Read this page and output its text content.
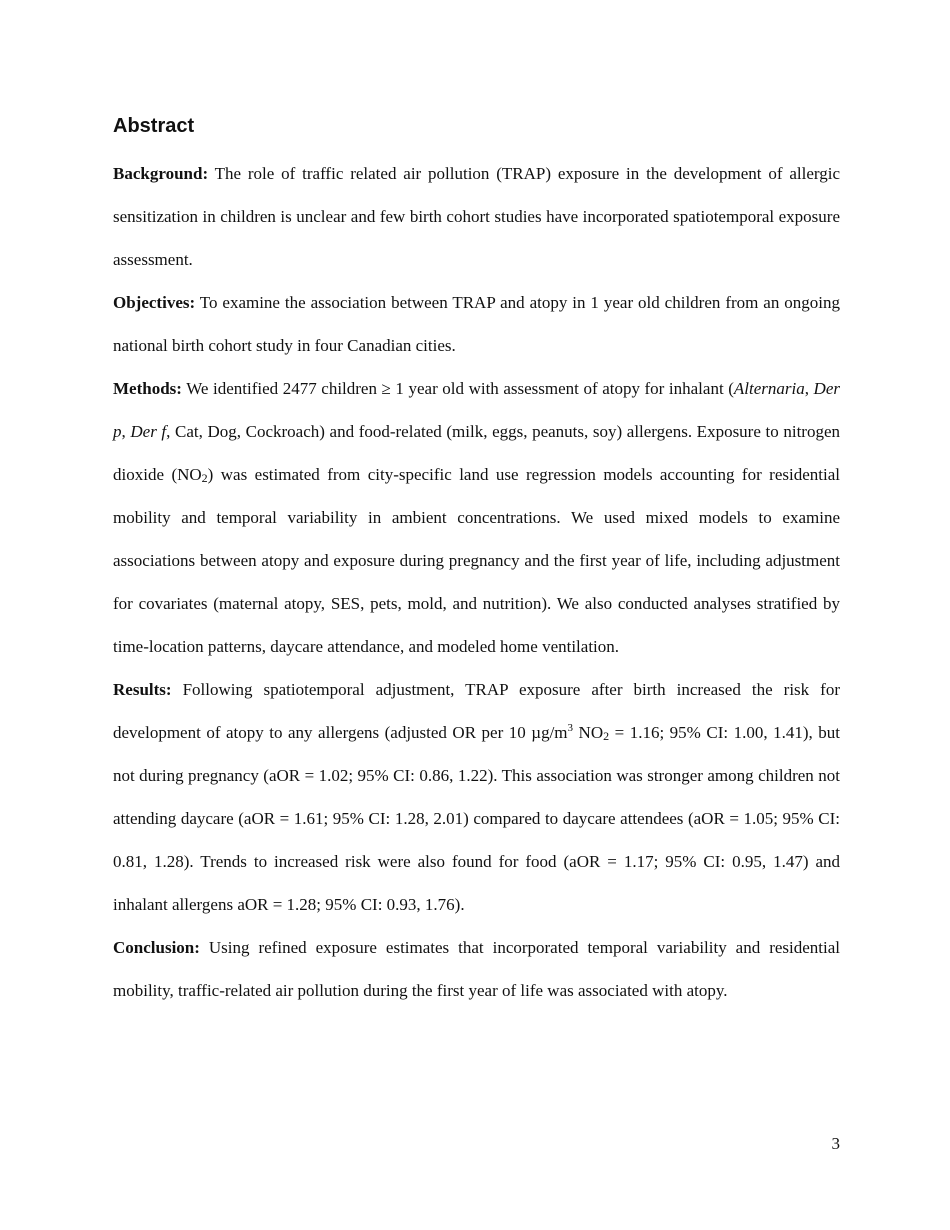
Abstract

Background: The role of traffic related air pollution (TRAP) exposure in the development of allergic sensitization in children is unclear and few birth cohort studies have incorporated spatiotemporal exposure assessment.

Objectives: To examine the association between TRAP and atopy in 1 year old children from an ongoing national birth cohort study in four Canadian cities.

Methods: We identified 2477 children ≥ 1 year old with assessment of atopy for inhalant (Alternaria, Der p, Der f, Cat, Dog, Cockroach) and food-related (milk, eggs, peanuts, soy) allergens. Exposure to nitrogen dioxide $(NO_2)$ was estimated from city-specific land use regression models accounting for residential mobility and temporal variability in ambient concentrations. We used mixed models to examine associations between atopy and exposure during pregnancy and the first year of life, including adjustment for covariates (maternal atopy, SES, pets, mold, and nutrition). We also conducted analyses stratified by time-location patterns, daycare attendance, and modeled home ventilation.

Results: Following spatiotemporal adjustment, TRAP exposure after birth increased the risk for development of atopy to any allergens (adjusted OR per 10 $\mu g/m^3$ $NO_2 = 1.16$; 95% CI: 1.00, 1.41), but not during pregnancy (aOR = 1.02; 95% CI: 0.86, 1.22). This association was stronger among children not attending daycare (aOR = 1.61; 95% CI: 1.28, 2.01) compared to daycare attendees (aOR = 1.05; 95% CI: 0.81, 1.28). Trends to increased risk were also found for food (aOR = 1.17; 95% CI: 0.95, 1.47) and inhalant allergens aOR = 1.28; 95% CI: 0.93, 1.76).

Conclusion: Using refined exposure estimates that incorporated temporal variability and residential mobility, traffic-related air pollution during the first year of life was associated with atopy.

3
